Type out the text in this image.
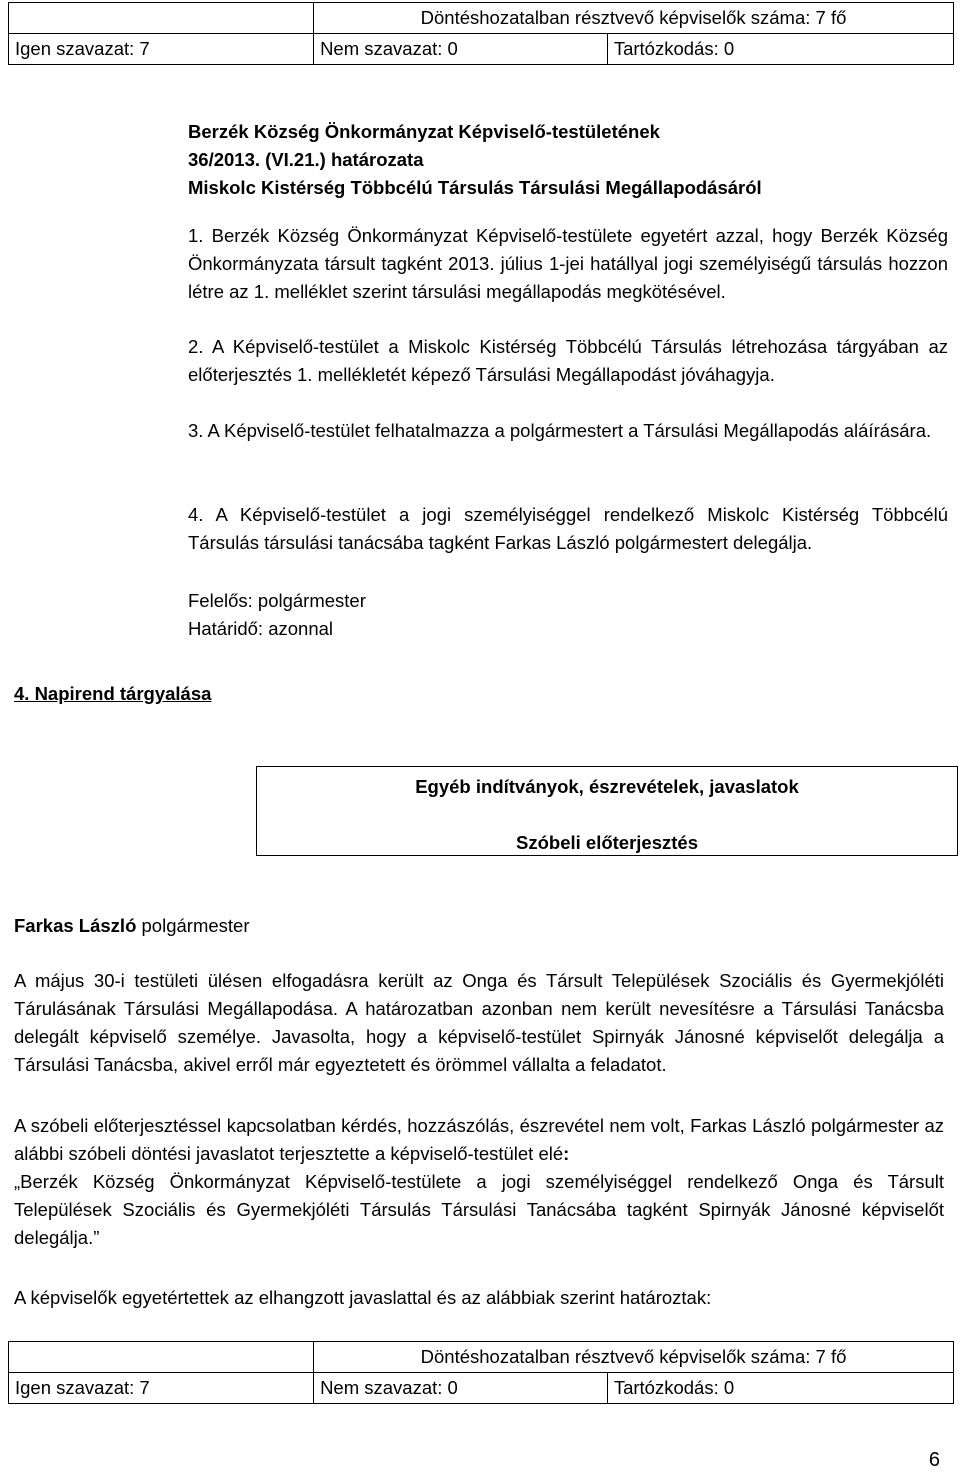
	Döntéshozatalban résztvevő képviselők száma: 7 fő	
Igen szavazat: 7	Nem szavazat: 0	Tartózkodás: 0
Berzék Község Önkormányzat Képviselő-testületének
36/2013. (VI.21.) határozata
Miskolc Kistérség Többcélú Társulás Társulási Megállapodásáról

1. Berzék Község Önkormányzat Képviselő-testülete egyetért azzal, hogy Berzék Község Önkormányzata társult tagként 2013. július 1-jei hatállyal jogi személyiségű társulás hozzon létre az 1. melléklet szerint társulási megállapodás megkötésével.

2. A Képviselő-testület a Miskolc Kistérség Többcélú Társulás létrehozása tárgyában az előterjesztés 1. mellékletét képező Társulási Megállapodást jóváhagyja.

3. A Képviselő-testület felhatalmazza a polgármestert a Társulási Megállapodás aláírására.

4. A Képviselő-testület a jogi személyiséggel rendelkező Miskolc Kistérség Többcélú Társulás társulási tanácsába tagként Farkas László polgármestert delegálja.

Felelős: polgármester
Határidő: azonnal
4. Napirend tárgyalása
Egyéb indítványok, észrevételek, javaslatok
Szóbeli előterjesztés
Farkas László polgármester

A május 30-i testületi ülésen elfogadásra került az Onga és Társult Települések Szociális és Gyermekjóléti Tárulásának Társulási Megállapodása. A határozatban azonban nem került nevesítésre a Társulási Tanácsba delegált képviselő személye. Javasolta, hogy a képviselő-testület Spirnyák Jánosné képviselőt delegálja a Társulási Tanácsba, akivel erről már egyeztetett és örömmel vállalta a feladatot.

A szóbeli előterjesztéssel kapcsolatban kérdés, hozzászólás, észrevétel nem volt, Farkas László polgármester az alábbi szóbeli döntési javaslatot terjesztette a képviselő-testület elé:
„Berzék Község Önkormányzat Képviselő-testülete a jogi személyiséggel rendelkező Onga és Társult Települések Szociális és Gyermekjóléti Társulás Társulási Tanácsába tagként Spirnyák Jánosné képviselőt delegálja.”

A képviselők egyetértettek az elhangzott javaslattal és az alábbiak szerint határoztak:

	Döntéshozatalban résztvevő képviselők száma: 7 fő	
Igen szavazat: 7	Nem szavazat: 0	Tartózkodás: 0
6
